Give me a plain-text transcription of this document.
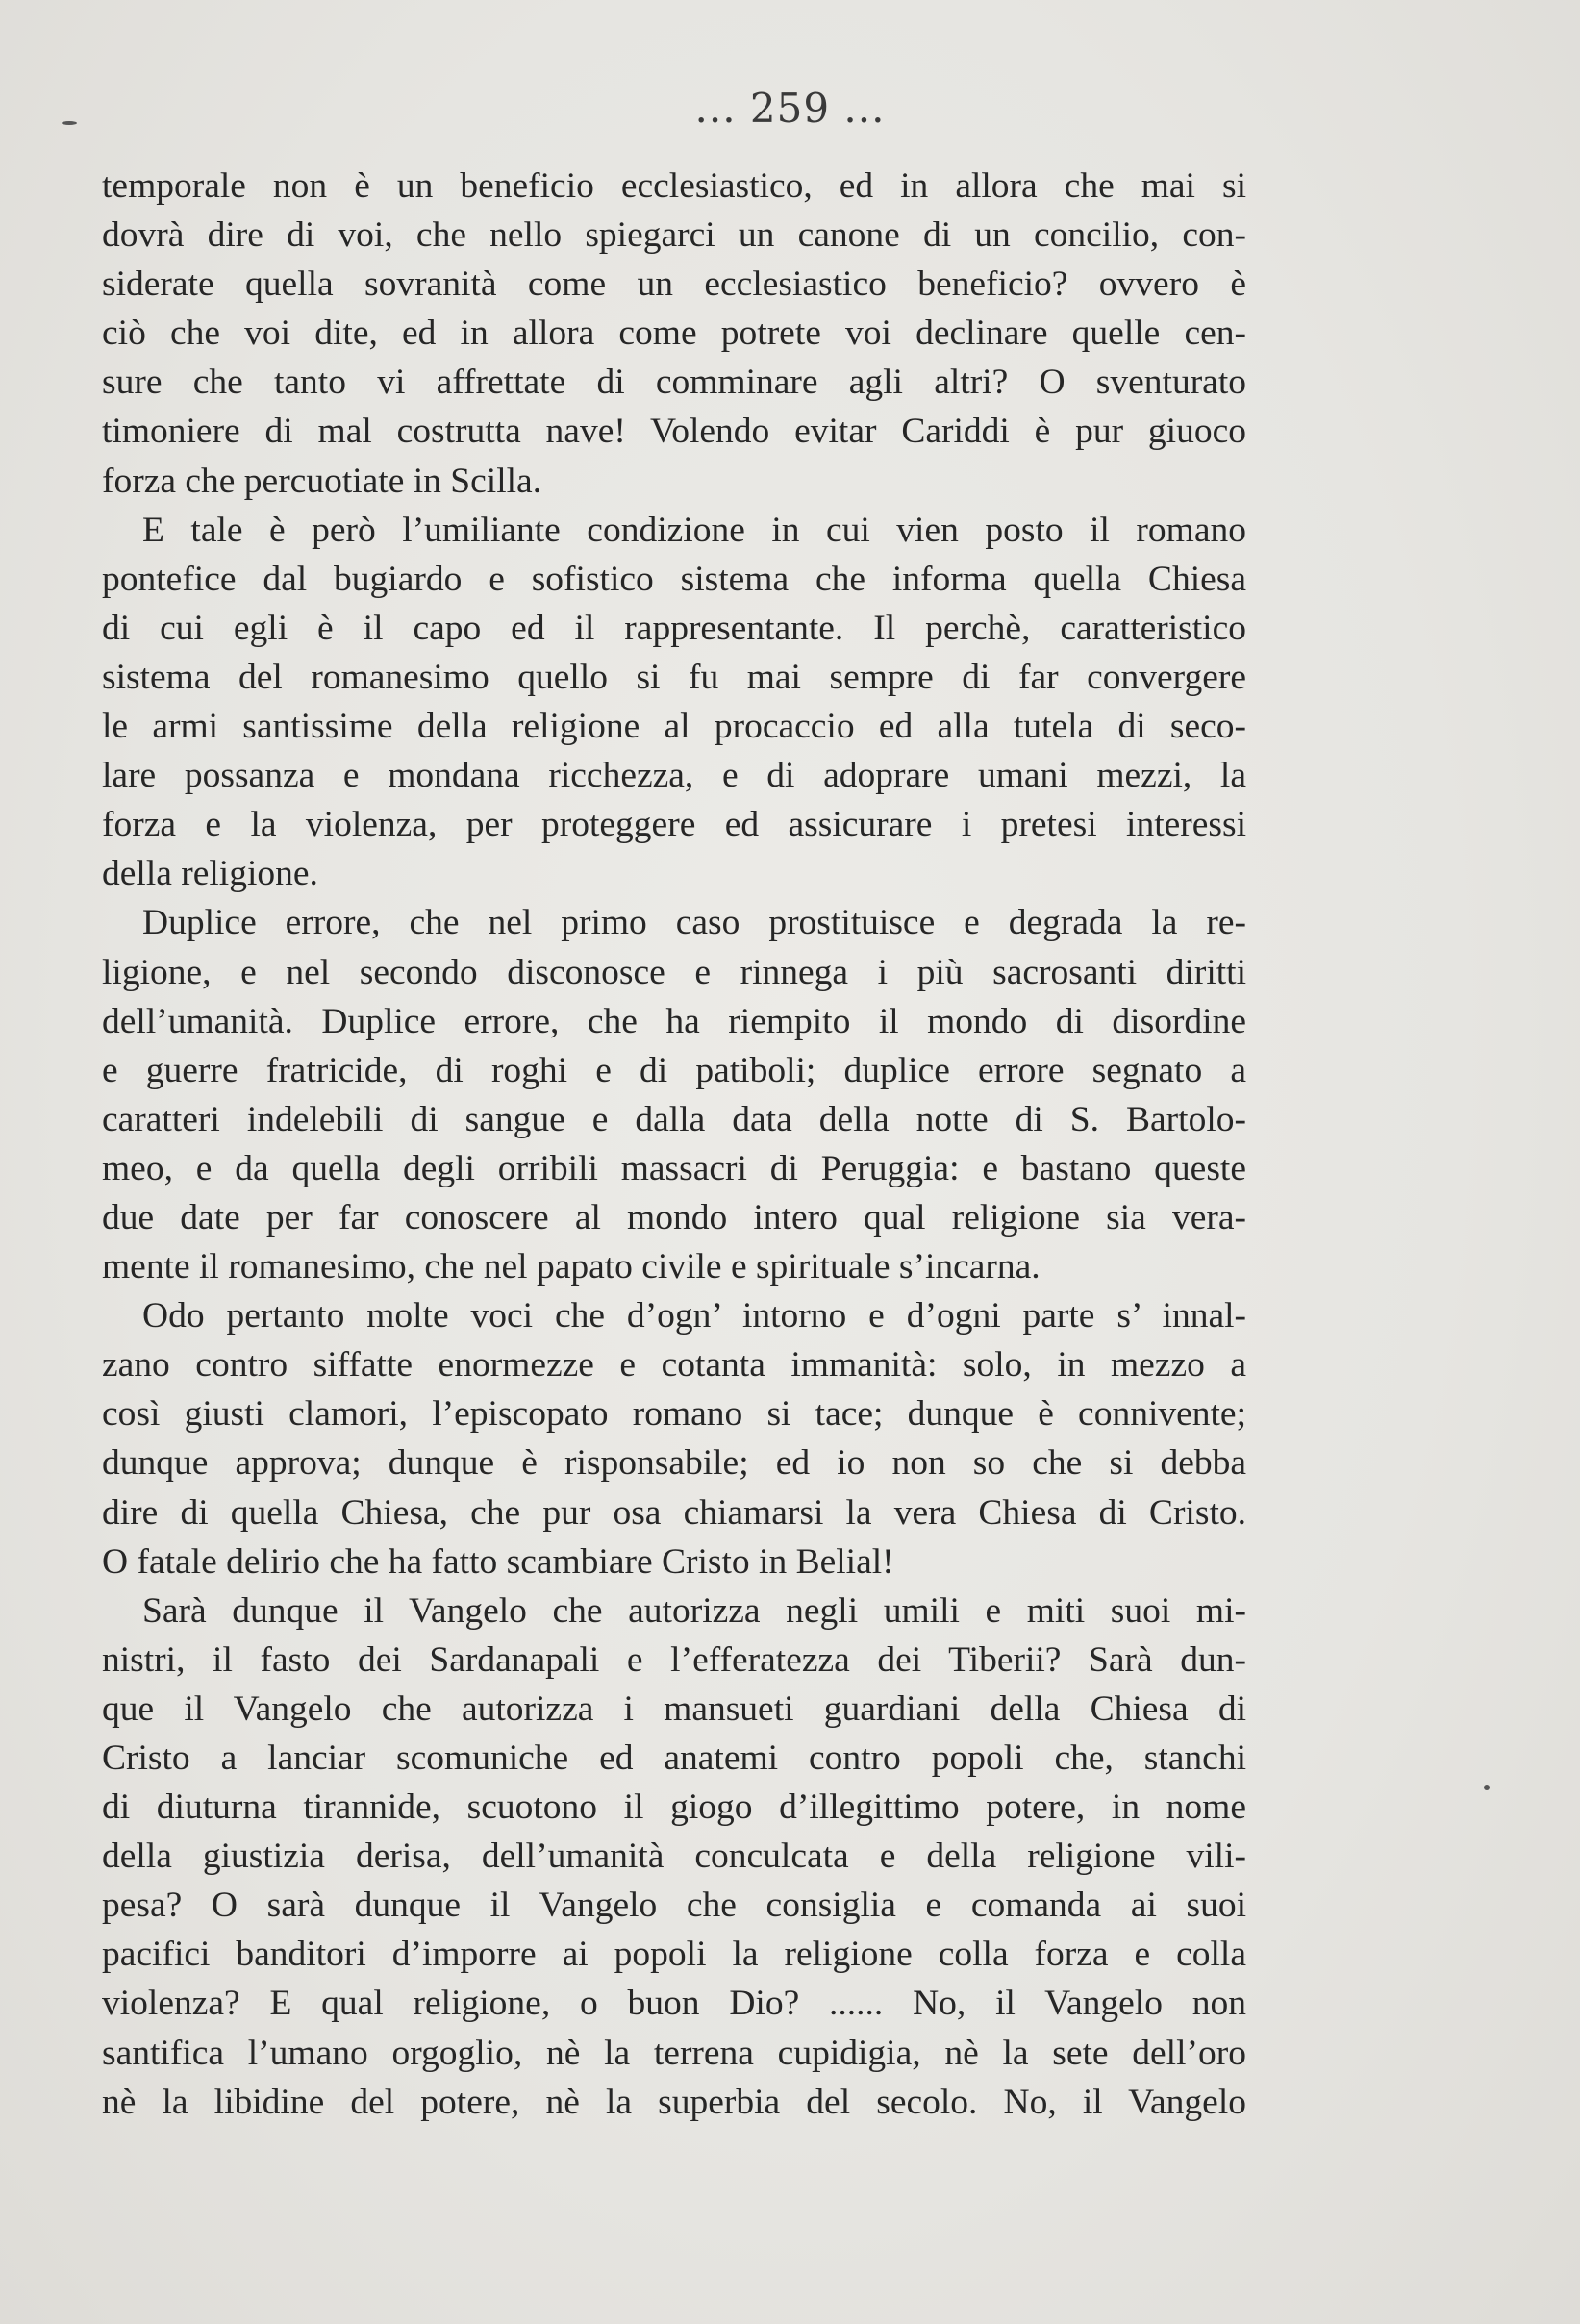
... 259 ...
temporale non è un beneficio ecclesiastico, ed in allora che mai si
dovrà dire di voi, che nello spiegarci un canone di un concilio, con-
siderate quella sovranità come un ecclesiastico beneficio? ovvero è
ciò che voi dite, ed in allora come potrete voi declinare quelle cen-
sure che tanto vi affrettate di comminare agli altri? O sventurato
timoniere di mal costrutta nave! Volendo evitar Cariddi è pur giuoco
forza che percuotiate in Scilla.
E tale è però l’umiliante condizione in cui vien posto il romano
pontefice dal bugiardo e sofistico sistema che informa quella Chiesa
di cui egli è il capo ed il rappresentante. Il perchè, caratteristico
sistema del romanesimo quello si fu mai sempre di far convergere
le armi santissime della religione al procaccio ed alla tutela di seco-
lare possanza e mondana ricchezza, e di adoprare umani mezzi, la
forza e la violenza, per proteggere ed assicurare i pretesi interessi
della religione.
Duplice errore, che nel primo caso prostituisce e degrada la re-
ligione, e nel secondo disconosce e rinnega i più sacrosanti diritti
dell’umanità. Duplice errore, che ha riempito il mondo di disordine
e guerre fratricide, di roghi e di patiboli; duplice errore segnato a
caratteri indelebili di sangue e dalla data della notte di S. Bartolo-
meo, e da quella degli orribili massacri di Peruggia: e bastano queste
due date per far conoscere al mondo intero qual religione sia vera-
mente il romanesimo, che nel papato civile e spirituale s’incarna.
Odo pertanto molte voci che d’ogn’ intorno e d’ogni parte s’ innal-
zano contro siffatte enormezze e cotanta immanità: solo, in mezzo a
così giusti clamori, l’episcopato romano si tace; dunque è connivente;
dunque approva; dunque è risponsabile; ed io non so che si debba
dire di quella Chiesa, che pur osa chiamarsi la vera Chiesa di Cristo.
O fatale delirio che ha fatto scambiare Cristo in Belial!
Sarà dunque il Vangelo che autorizza negli umili e miti suoi mi-
nistri, il fasto dei Sardanapali e l’efferatezza dei Tiberii? Sarà dun-
que il Vangelo che autorizza i mansueti guardiani della Chiesa di
Cristo a lanciar scomuniche ed anatemi contro popoli che, stanchi
di diuturna tirannide, scuotono il giogo d’illegittimo potere, in nome
della giustizia derisa, dell’umanità conculcata e della religione vili-
pesa? O sarà dunque il Vangelo che consiglia e comanda ai suoi
pacifici banditori d’imporre ai popoli la religione colla forza e colla
violenza? E qual religione, o buon Dio? ...... No, il Vangelo non
santifica l’umano orgoglio, nè la terrena cupidigia, nè la sete dell’oro
nè la libidine del potere, nè la superbia del secolo. No, il Vangelo
